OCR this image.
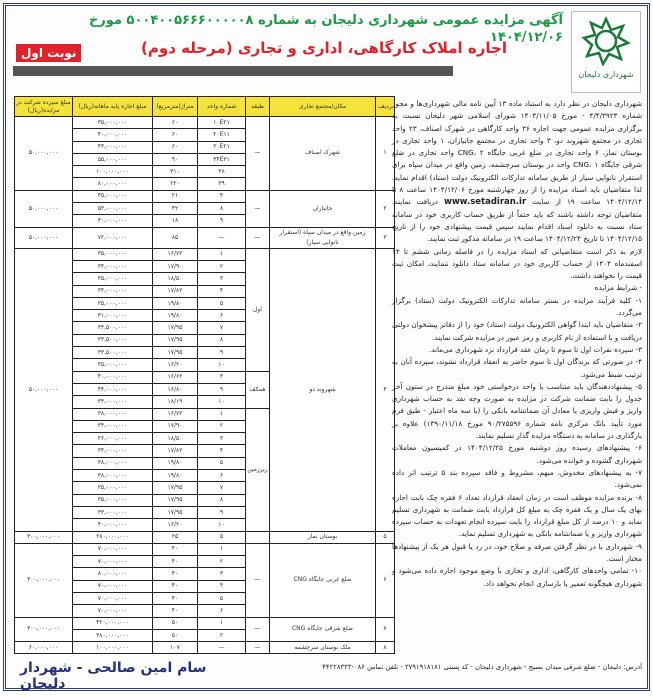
شهرداری دلیجان
آگهی مزایده عمومی شهرداری دلیجان به شماره ۵۰۰۴۰۰۵۶۶۶۰۰۰۰۰۸ مورخ ۱۴۰۴/۱۲/۰۶
اجاره املاک کارگاهی، اداری و تجاری (مرحله دوم)
نوبت اول
ردیف	مکان/مجتمع تجاری	طبقه	شماره واحد	متراژ(مترمربع)	مبلغ اجاره پایه ماهانه(ریال)	مبلغ سپرده شرکت در مزایده(ریال)
۱	شهرک اصناف	—	۱۰E۲۱	۶۰	۳۵,۰۰۰,۰۰۰	۵۰,۰۰۰,۰۰۰
			۲۰E۱۱	۶۰	۴۰,۰۰۰,۰۰۰	
			۳۰E۲۱	۶۰	۴۳,۰۰۰,۰۰۰	
			۳۴E۳۱	۹۰	۵۵,۰۰۰,۰۰۰	
			۳۸	۳۱۰	۱۰۰,۰۰۰,۰۰۰	
			۳۹	۲۲۰	۸۰,۰۰۰,۰۰۰	
۲	جانبازان	—	۴	۲۱	۴۵,۰۰۰,۰۰۰	۵۰,۰۰۰,۰۰۰
			۸	۴۲	۵۳,۰۰۰,۰۰۰	
			۹	۱۸	۳۰,۰۰۰,۰۰۰	
۳	زمین واقع در میدان سپاه (استقرار نانوایی سیار)	—	—	۸۵	۷۲,۰۰۰,۰۰۰	۵۰,۰۰۰,۰۰۰
۴	شهروند دو	اول	۱	۱۶/۷۲	۳۵,۰۰۰,۰۰۰	۵۰,۰۰۰,۰۰۰
			۲	۱۷/۹۰	۳۴,۰۰۰,۰۰۰	
			۳	۱۸/۵۰	۳۵,۰۰۰,۰۰۰	
			۴	۱۷/۸۲	۳۴,۰۰۰,۰۰۰	
			۵	۱۹/۸۰	۳۵,۰۰۰,۰۰۰	
			۶	۱۹/۸۰	۳۱,۰۰۰,۰۰۰	
			۷	۱۷/۹۵	۳۳,۵۰۰,۰۰۰	
			۸	۱۷/۹۵	۳۳,۵۰۰,۰۰۰	
			۹	۱۷/۹۵	۳۳,۵۰۰,۰۰۰	
			۱۰	۱۶/۲۰	۳۵,۰۰۰,۰۰۰	
		همکف	۳	۱۶/۶۲	۴۰,۰۰۰,۰۰۰	
			۹	۱۶/۸۰	۴۴,۰۰۰,۰۰۰	
			۱۰	۱۸/۱۹	۳۴,۰۰۰,۰۰۰	
		زیرزمین	۱	۱۶/۷۲	۳۸,۰۰۰,۰۰۰	
			۲	۱۷/۹۰	۳۴,۰۰۰,۰۰۰	
			۳	۱۸/۵۰	۳۶,۰۰۰,۰۰۰	
			۴	۱۷/۸۲	۳۴,۰۰۰,۰۰۰	
			۵	۱۹/۸۰	۳۸,۰۰۰,۰۰۰	
			۶	۱۹/۸۰	۳۸,۰۰۰,۰۰۰	
			۷	۱۷/۹۵	۳۵,۰۰۰,۰۰۰	
			۸	۱۷/۹۵	۳۵,۰۰۰,۰۰۰	
			۹	۱۷/۹۵	۳۳,۰۰۰,۰۰۰	
			۱۰	۱۶/۲۰	۴۰,۰۰۰,۰۰۰	
۵	بوستان نماز		۵	۲۵	۲۸۰,۰۰۰,۰۰۰	۳۰۰,۰۰۰,۰۰۰
۶	ضلع غربی جایگاه CNG	—	۱	۴۰	۷۰,۰۰۰,۰۰۰	۳۰۰,۰۰۰,۰۰۰
			۲	۴۰	۷۰,۰۰۰,۰۰۰	
			۳	۴۰	۸۰,۰۰۰,۰۰۰	
			۴	۴۰	۷۰,۰۰۰,۰۰۰	
			۵	۴۰	۷۰,۰۰۰,۰۰۰	
			۶	۴۰	۷۰,۰۰۰,۰۰۰	
۷	ضلع شرقی جایگاه CNG	—	۱	۵۰	۴۲۰,۰۰۰,۰۰۰	۳۰۰,۰۰۰,۰۰۰
			۲	۵۰	۳۸۰,۰۰۰,۰۰۰	
۸	ملک بوستان سرچشمه	—	—	۱۰۷	۱۰۰,۰۰۰,۰۰۰	۶۰,۰۰۰,۰۰۰

شهرداری دلیجان در نظر دارد به استناد ماده ۱۳ آیین نامه مالی شهرداری‌ها و مجوز شماره ۴/۴/۳۹۲۳ - مورخ ۱۴۰۴/۱۱/۰۵ شورای اسلامی شهر دلیجان نسبت به برگزاری مزایده عمومی جهت اجاره ۳۶ واحد کارگاهی در شهرک اصناف، ۲۳ واحد تجاری در مجتمع شهروند دو، ۳ واحد تجاری در مجتمع جانبازان، ۱ واحد تجاری در بوستان نماز، ۶ واحد تجاری در ضلع غربی جایگاه CNG، ۲ واحد تجاری در ضلع شرقی جایگاه CNG، ۱ واحد در بوستان سرچشمه، زمین واقع در میدان سپاه برای استقرار نانوایی سیار از طریق سامانه تدارکات الکترونیک دولت (ستاد) اقدام نماید. لذا متقاضیان باید اسناد مزایده را از روز چهارشنبه مورخ ۱۴۰۴/۱۲/۰۶ ساعت ۸ تا ۱۴۰۴/۱۲/۱۴ ساعت ۱۹ از سایت www.setadiran.ir دریافت نمایند. متقاضیان توجه داشته باشند که باید حتماً از طریق حساب کاربری خود در سامانه ستاد نسبت به دانلود اسناد اقدام نمایند سپس قیمت پیشنهادی خود را از تاریخ ۱۴۰۴/۱۲/۱۵ تا تاریخ ۱۴۰۴/۱۲/۲۴ ساعت ۱۹ در سامانه مذکور ثبت نمایند.

لازم به ذکر است متقاضیانی که اسناد مزایده را در فاصله زمانی ششم تا ۱۴ اسفندماه ۱۴۰۴ از حساب کاربری خود در سامانه ستاد دانلود ننمایند، امکان ثبت قیمت را نخواهند داشت.

- شرایط مزایده

۱- کلیه فرآیند مزایده در بستر سامانه تدارکات الکترونیک دولت (ستاد) برگزار می‌گردد.

۲- متقاضیان باید ابتدا گواهی الکترونیک دولت (ستاد) خود را از دفاتر پیشخوان دولتی دریافت و با استفاده از نام کاربری و رمز عبور در مزایده شرکت نمایند.

۳- سپرده نفرات اول تا سوم تا زمان عقد قرارداد نزد شهرداری می‌ماند.

۴- در صورتی که برندگان اول تا سوم حاضر به انعقاد قرارداد نشوند، سپرده آنان به ترتیب ضبط می‌شود.

۵- پیشنهاددهندگان باید متناسب با واحد درخواستی خود مبلغ مندرج در ستون آخر جدول را بابت ضمانت شرکت در مزایده به صورت وجه نقد به حساب شهرداری واریز و فیش واریزی یا معادل آن ضمانتنامه بانکی را (با سه ماه اعتبار - طبق فرم مورد تأیید بانک مرکزی نامه شماره ۹۰/۲۷۵۵۹۶ مورخ ۱۳۹۰/۱۱/۱۸) علاوه بر بارگذاری در سامانه به دستگاه مزایده گذار تسلیم نمایند.

۶- پیشنهادهای رسیده روز دوشنبه مورخ ۱۴۰۴/۱۲/۲۵ در کمیسیون معاملات شهرداری گشوده و خوانده می‌شود.

۷- به پیشنهادهای مخدوش، مبهم، مشروط و فاقد سپرده بند ۵ ترتیب اثر داده نمی‌شود.

۸- برنده مزایده موظف است در زمان انعقاد قرارداد تعداد ۶ فقره چک بابت اجاره بهای یک سال و یک فقره چک به مبلغ کل قرارداد بابت ضمانت به شهرداری تسلیم نماید و ۱۰ درصد از کل مبلغ قرارداد را بابت سپرده انجام تعهدات به حساب سپرده شهرداری واریز و یا ضمانتنامه بانکی به شهرداری تسلیم نماید.

۹- شهرداری با در نظر گرفتن صرفه و صلاح خود، در رد یا قبول هر یک از پیشنهادها مختار است.

۱۰- تمامی واحدهای کارگاهی، اداری و تجاری با وضع موجود اجاره داده می‌شود و شهرداری هیچگونه تعمیر یا بازسازی انجام نخواهد داد.

آدرس: دلیجان - ضلع شرقی میدان بسیج - شهرداری دلیجان - کد پستی ۳۷۹۱۹۱۸۱۸۱ - تلفن تماس ۰۸۶-۴۴۲۲۸۳۳۳
سام امین صالحی - شهردار دلیجان
